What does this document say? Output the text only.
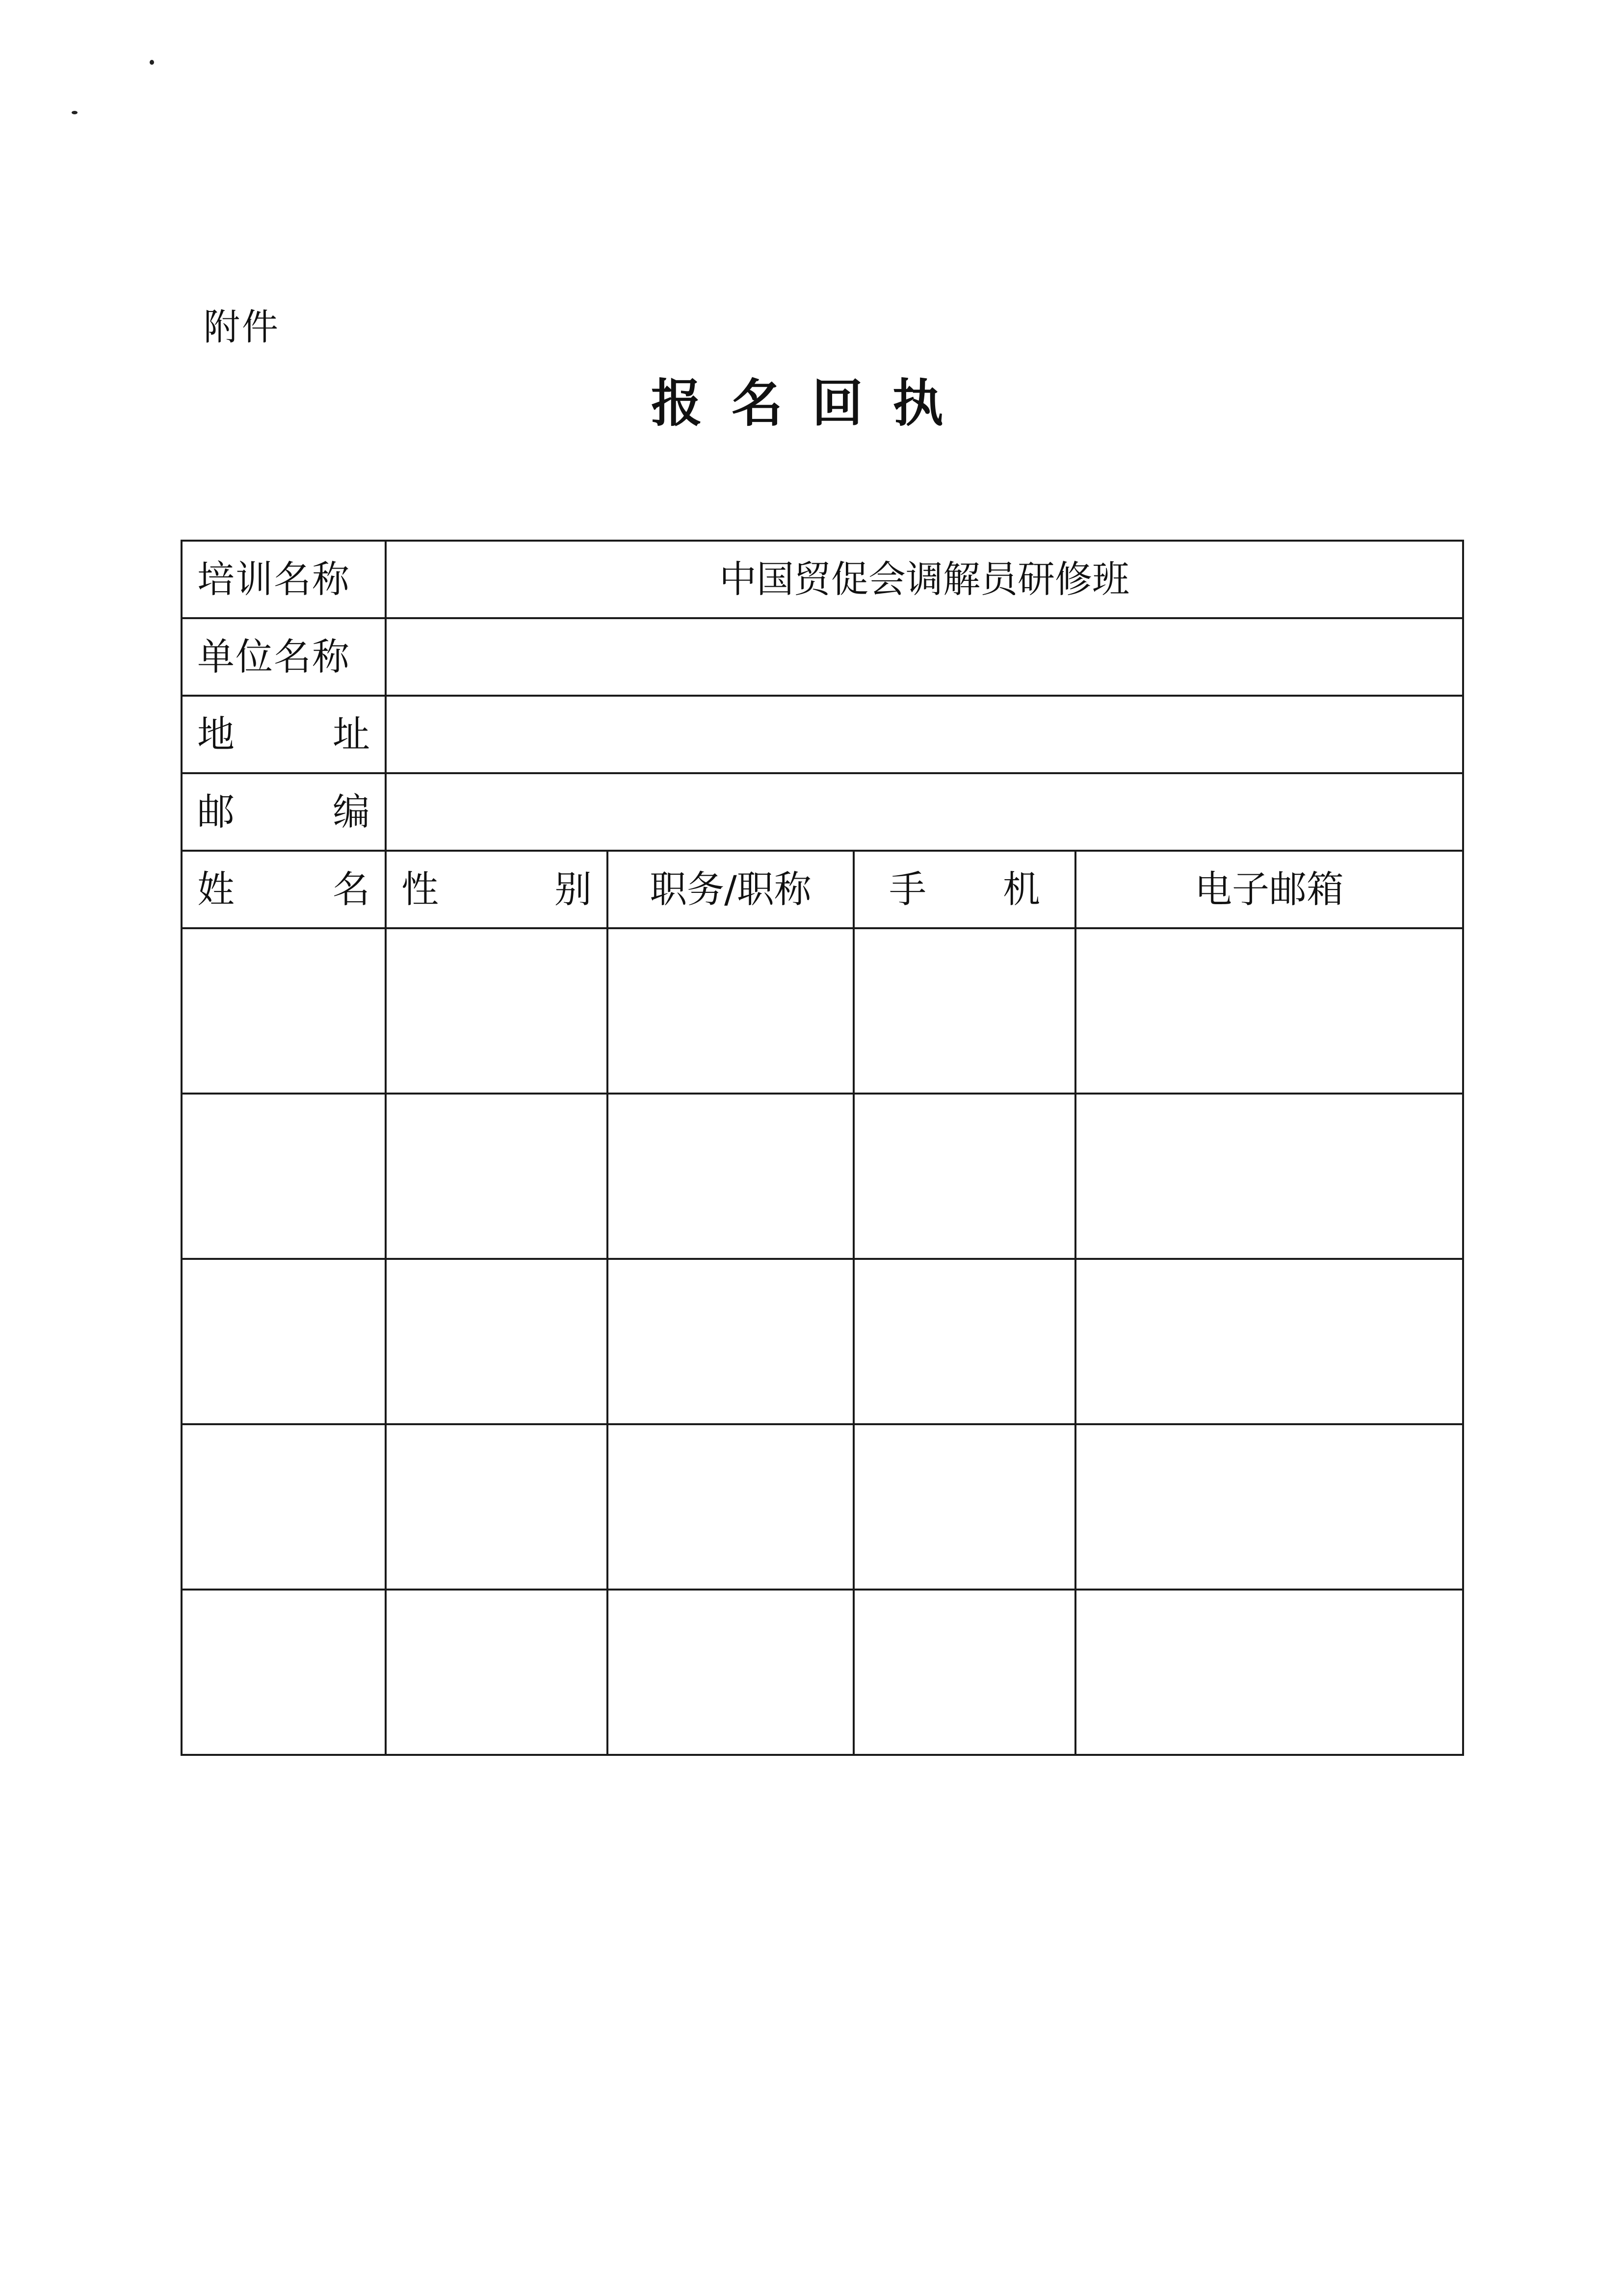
附件
报名回执
培训名称	中国贸促会调解员研修班			

单位名称				

地 址				

邮 编				

姓 名	性 别	职务/职称	手 机	电子邮箱
